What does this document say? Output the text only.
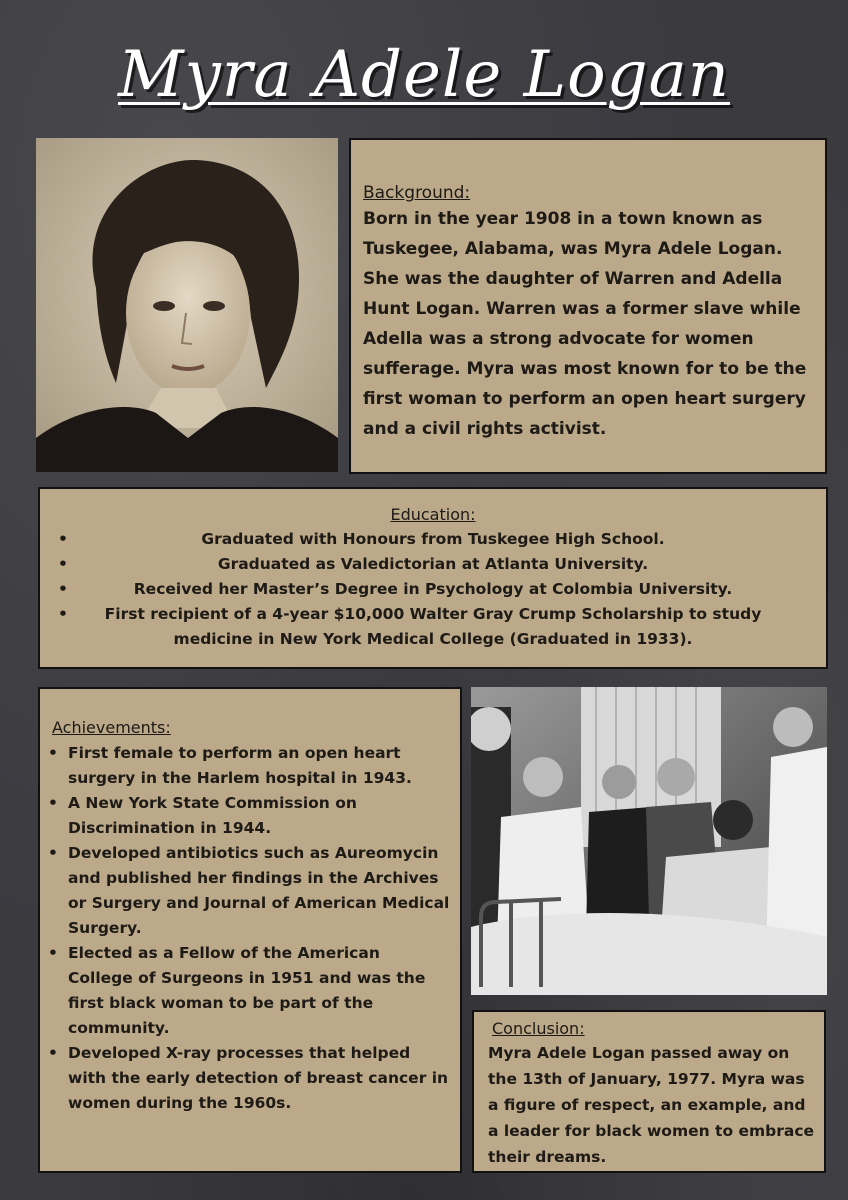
Myra Adele Logan
Background:
Born in the year 1908 in a town known as Tuskegee, Alabama, was Myra Adele Logan. She was the daughter of Warren and Adella Hunt Logan. Warren was a former slave while Adella was a strong advocate for women sufferage. Myra was most known for to be the first woman to perform an open heart surgery and a civil rights activist.
Education:
•	Graduated with Honours from Tuskegee High School.
•	Graduated as Valedictorian at Atlanta University.
•	Received her Master’s Degree in Psychology at Colombia University.
• First recipient of a 4-year $10,000 Walter Gray Crump Scholarship to study medicine in New York Medical College (Graduated in 1933).
Achievements:
• First female to perform an open heart surgery in the Harlem hospital in 1943.
• A New York State Commission on Discrimination in 1944.
• Developed antibiotics such as Aureomycin and published her findings in the Archives or Surgery and Journal of American Medical Surgery.
• Elected as a Fellow of the American College of Surgeons in 1951 and was the first black woman to be part of the community.
• Developed X-ray processes that helped with the early detection of breast cancer in women during the 1960s.
Conclusion:
Myra Adele Logan passed away on the 13th of January, 1977. Myra was a figure of respect, an example, and a leader for black women to embrace their dreams.
